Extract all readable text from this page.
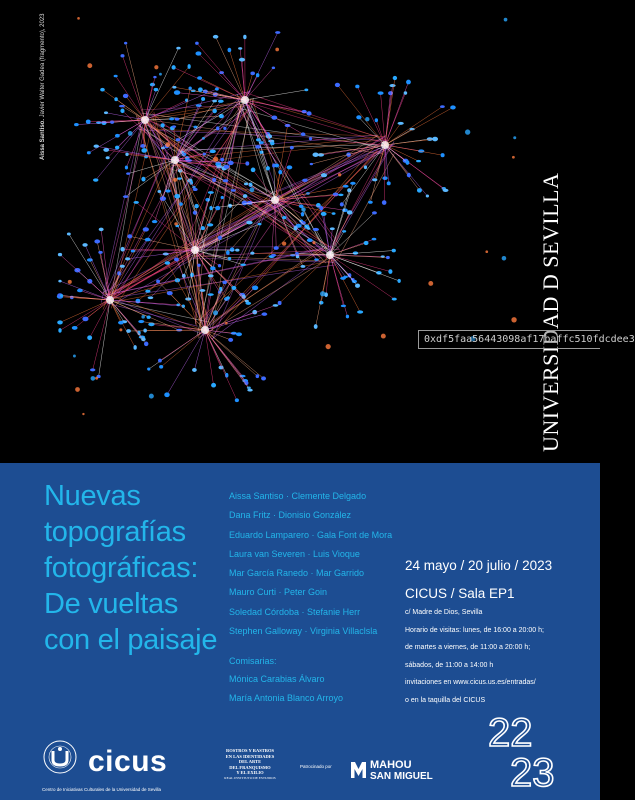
Aissa Santiso. Javier Walter Gadea (fragmento), 2023
UNIVERSIDAD D SEVILLA
0xdf5faa56443098af17baffc510fdcdee3
Nuevas
topografías
fotográficas:
De vueltas
con el paisaje
Aissa Santiso · Clemente Delgado
Dana Fritz · Dionisio González
Eduardo Lamparero · Gala Font de Mora
Laura van Severen · Luis Vioque
Mar García Ranedo · Mar Garrido
Mauro Curti · Peter Goin
Soledad Córdoba · Stefanie Herr
Stephen Galloway · Virginia Villaclsla
Comisarias:
Mónica Carabias Álvaro
María Antonia Blanco Arroyo
24 mayo / 20 julio / 2023
CICUS / Sala EP1
c/ Madre de Dios, Sevilla
Horario de visitas: lunes, de 16:00 a 20:00 h;
de martes a viernes, de 11:00 a 20:00 h;
sábados, de 11:00 a 14:00 h
invitaciones en www.cicus.us.es/entradas/
o en la taquilla del CICUS
cicus
Centro de Iniciativas Culturales de la Universidad de Sevilla
ROSTROS Y RASTROS
EN LAS IDENTIDADES
DEL ARTE
DEL FRANQUISMO
Y EL EXILIO
REAL INSTITUTO DE ESTUDIOS
Patrocinado por	MAHOU
SAN MIGUEL
22
23
